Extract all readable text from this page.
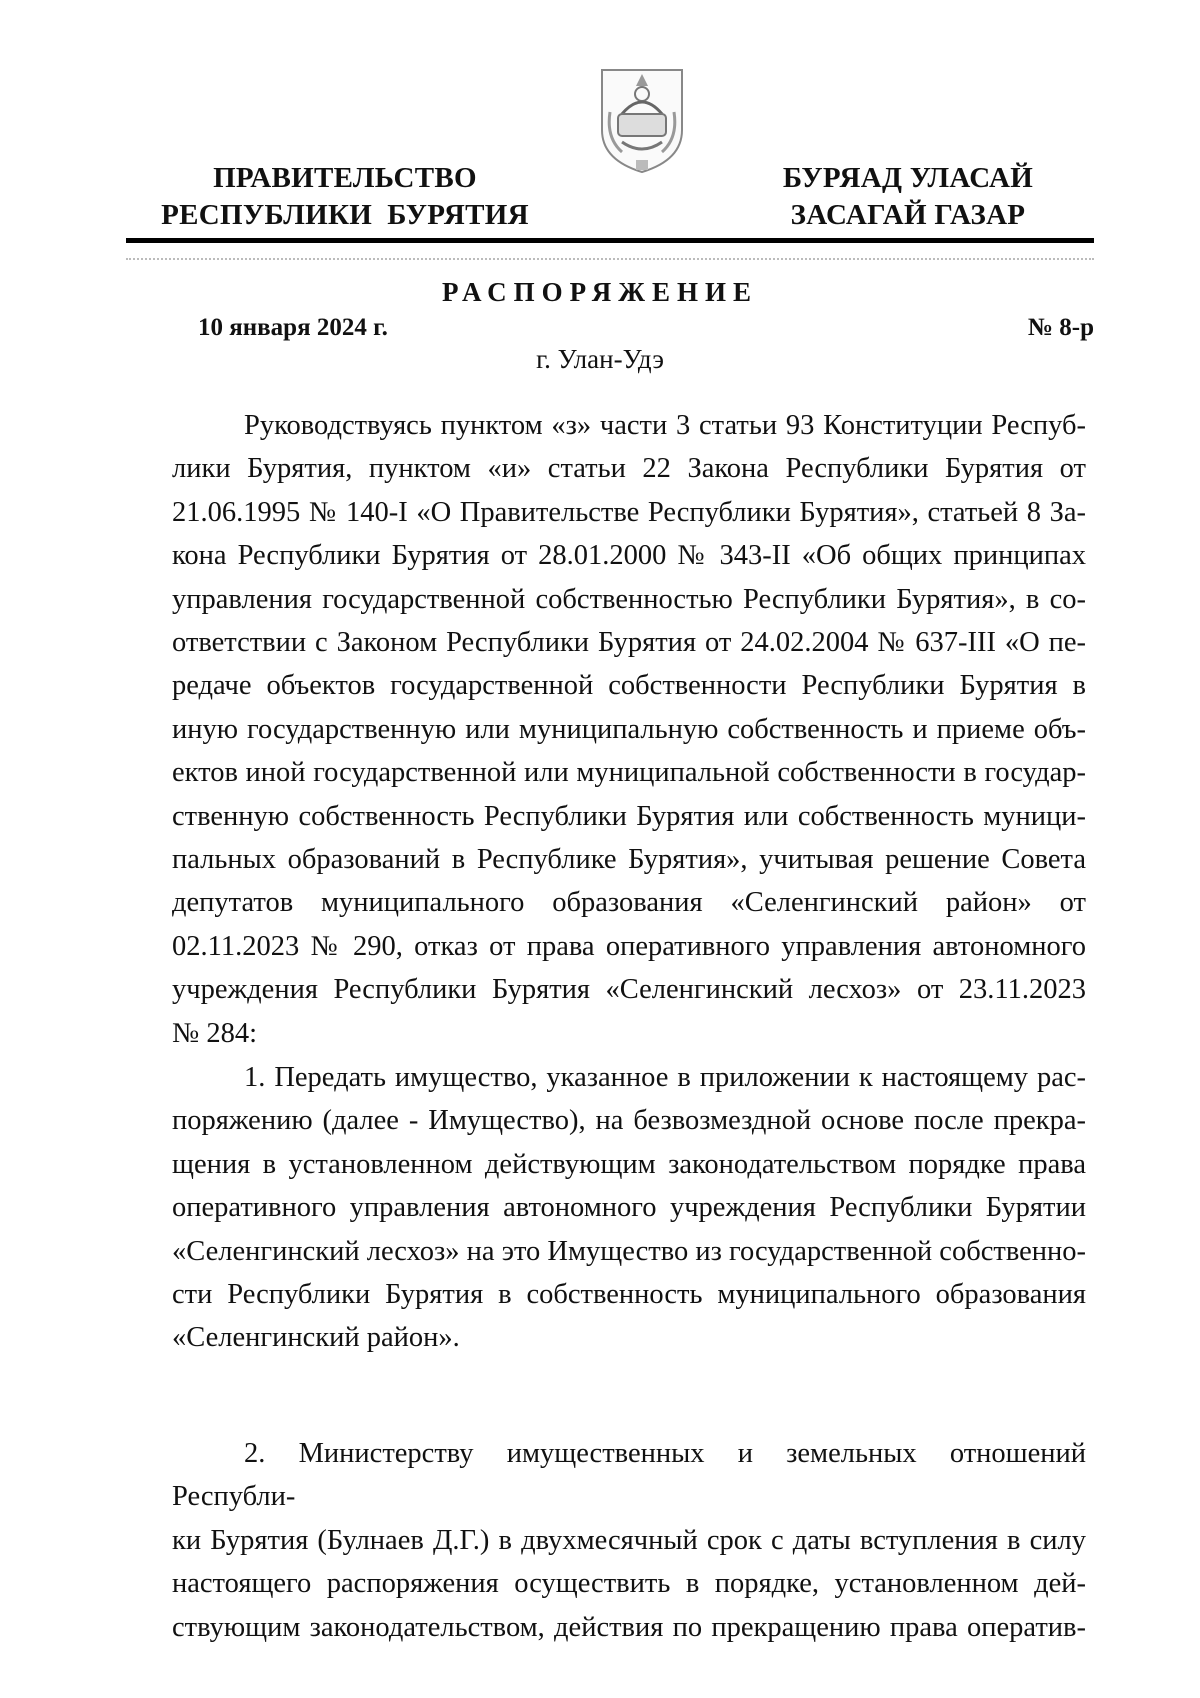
ПРАВИТЕЛЬСТВО
РЕСПУБЛИКИ  БУРЯТИЯ
БУРЯАД УЛАСАЙ
ЗАСАГАЙ ГАЗАР
РАСПОРЯЖЕНИЕ
10 января 2024 г.	№ 8-р
г. Улан-Удэ
Руководствуясь пунктом «з» части 3 статьи 93 Конституции Респуб-
лики Бурятия, пунктом «и» статьи 22 Закона Республики Бурятия от
21.06.1995 № 140-I «О Правительстве Республики Бурятия», статьей 8 За-
кона Республики Бурятия от 28.01.2000 № 343-II «Об общих принципах
управления государственной собственностью Республики Бурятия», в со-
ответствии с Законом Республики Бурятия от 24.02.2004 № 637-III «О пе-
редаче объектов государственной собственности Республики Бурятия в
иную государственную или муниципальную собственность и приеме объ-
ектов иной государственной или муниципальной собственности в государ-
ственную собственность Республики Бурятия или собственность муници-
пальных образований в Республике Бурятия», учитывая решение Совета
депутатов муниципального образования «Селенгинский район» от
02.11.2023 № 290, отказ от права оперативного управления автономного
учреждения Республики Бурятия «Селенгинский лесхоз» от 23.11.2023
№ 284:
1. Передать имущество, указанное в приложении к настоящему рас-
поряжению (далее - Имущество), на безвозмездной основе после прекра-
щения в установленном действующим законодательством порядке права
оперативного управления автономного учреждения Республики Бурятии
«Селенгинский лесхоз» на это Имущество из государственной собственно-
сти Республики Бурятия в собственность муниципального образования
«Селенгинский район».
2. Министерству имущественных и земельных отношений Республи-
ки Бурятия (Булнаев Д.Г.) в двухмесячный срок с даты вступления в силу
настоящего распоряжения осуществить в порядке, установленном дей-
ствующим законодательством, действия по прекращению права оператив-
